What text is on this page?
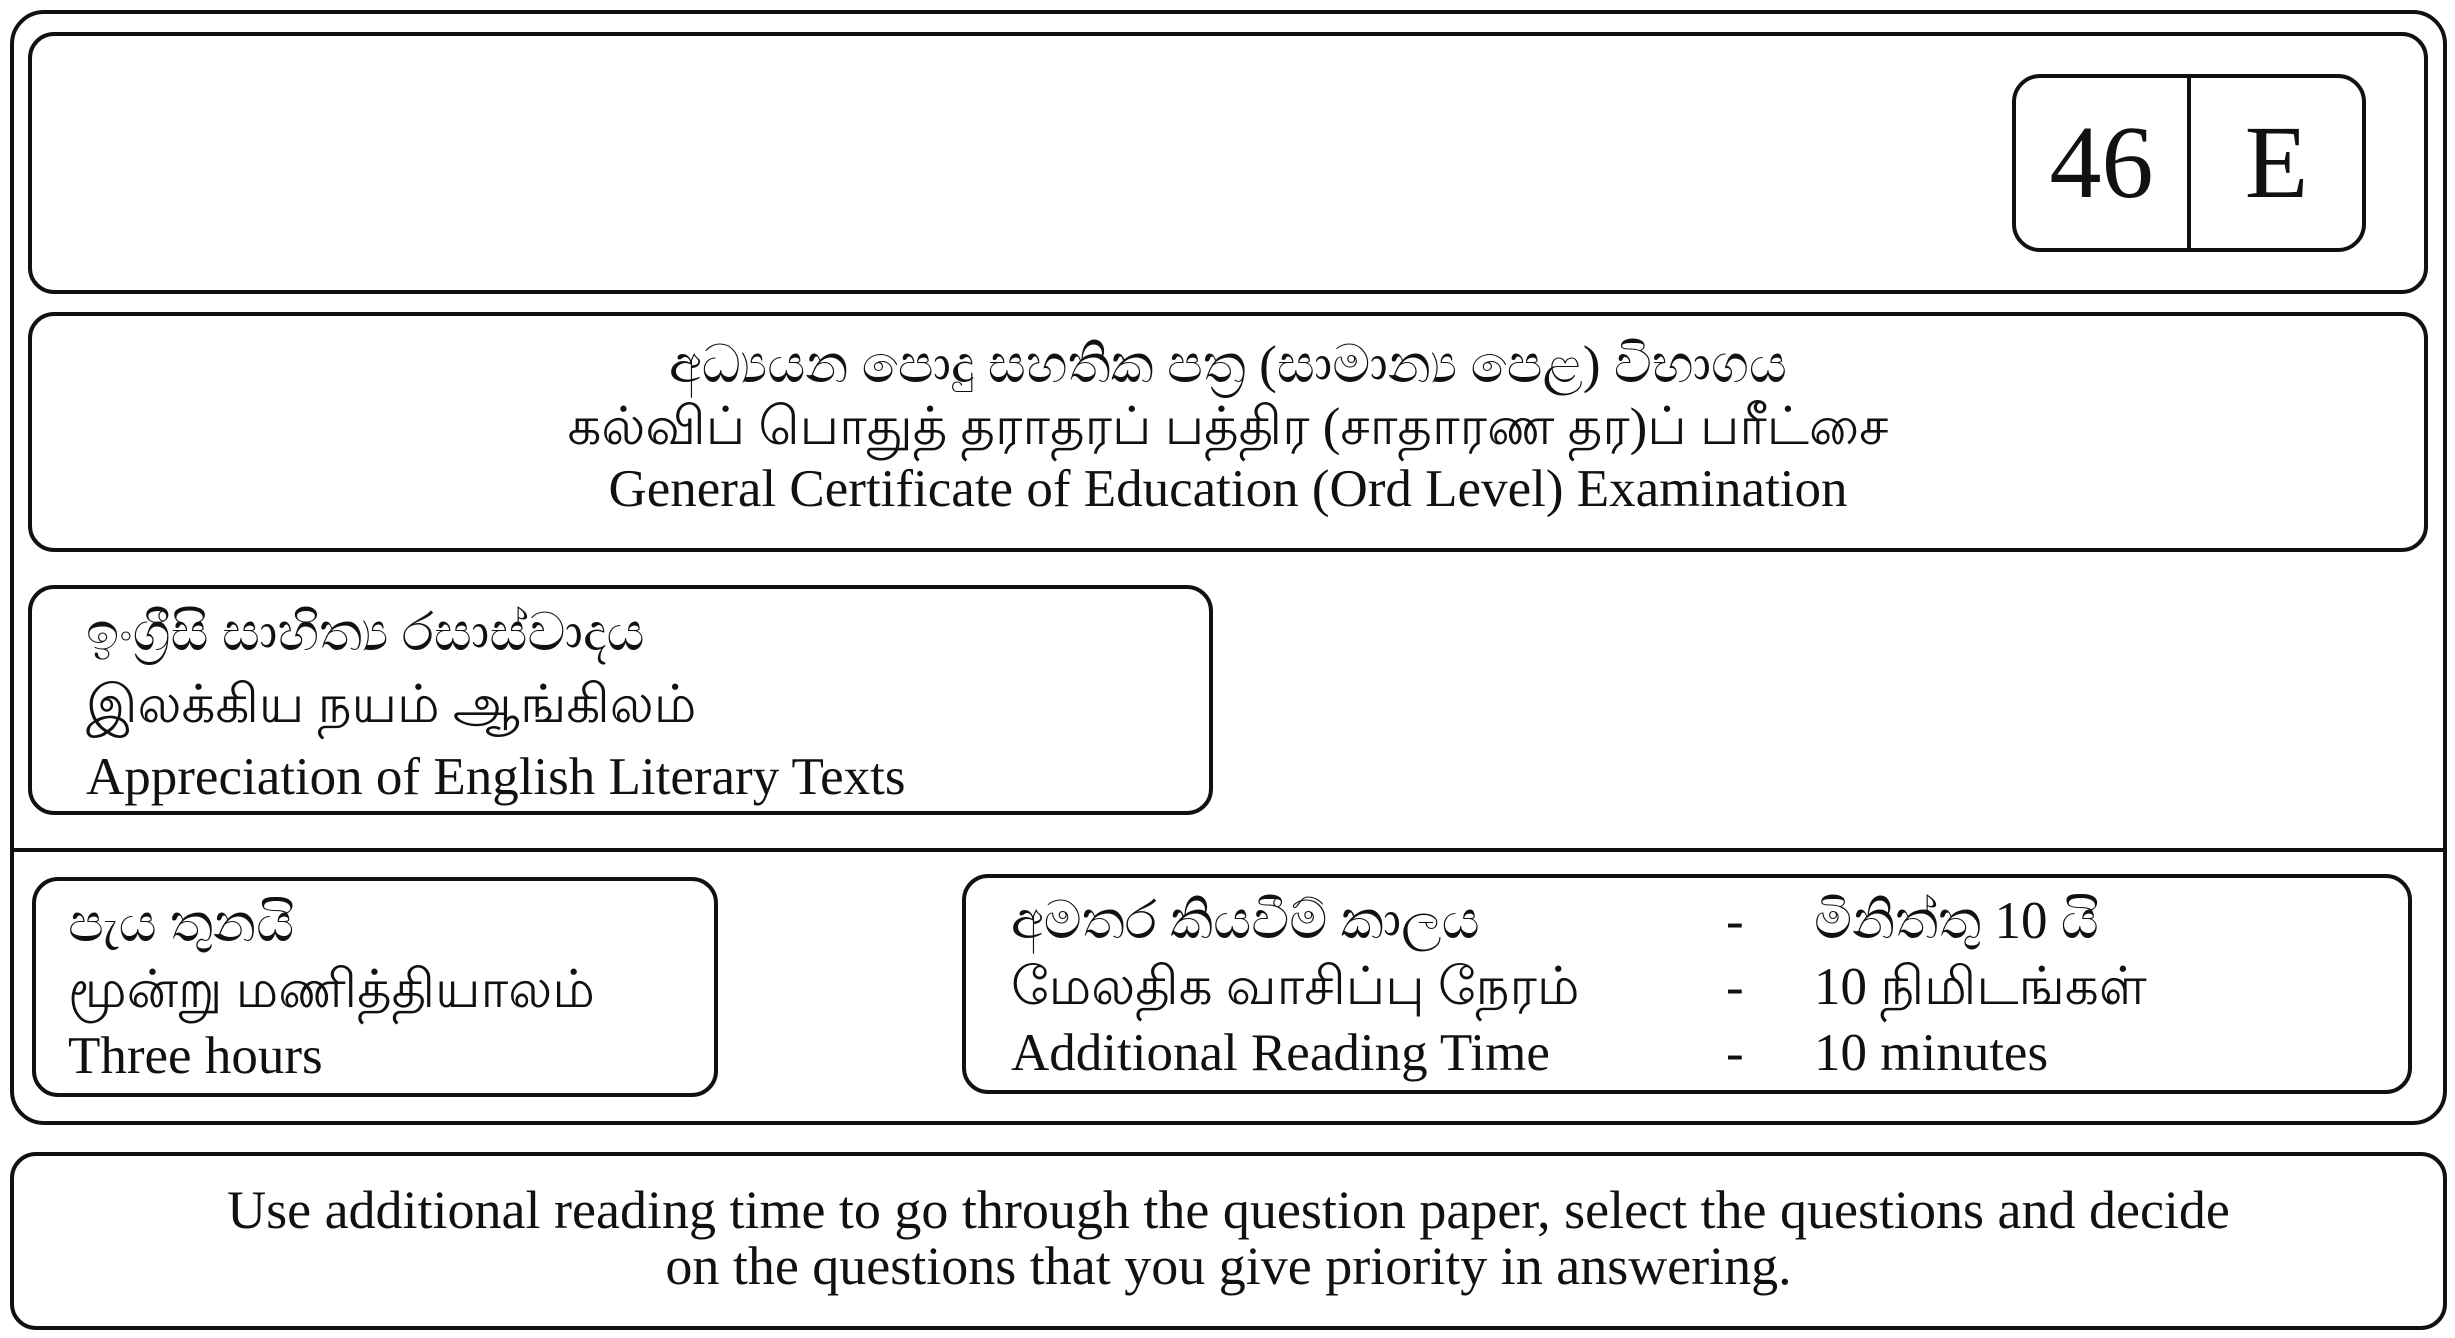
46 E
අධ්‍යයන පොදු සහතික පත්‍ර (සාමාන්‍ය පෙළ) විභාගය
கல்விப் பொதுத் தராதரப் பத்திர (சாதாரண தர)ப் பரீட்சை
General Certificate of Education (Ord Level) Examination
ඉංග්‍රීසි සාහිත්‍ය රසාස්වාදය
இலக்கிய நயம் ஆங்கிலம்
Appreciation of English Literary Texts
පැය තුනයි
மூன்று மணித்தியாலம்
Three hours
අමතර කියවීම් කාලය	- මිනිත්තු 10 යි
மேலதிக வாசிப்பு நேரம்	- 10 நிமிடங்கள்
Additional Reading Time	- 10 minutes
Use additional reading time to go through the question paper, select the questions and decide
on the questions that you give priority in answering.
